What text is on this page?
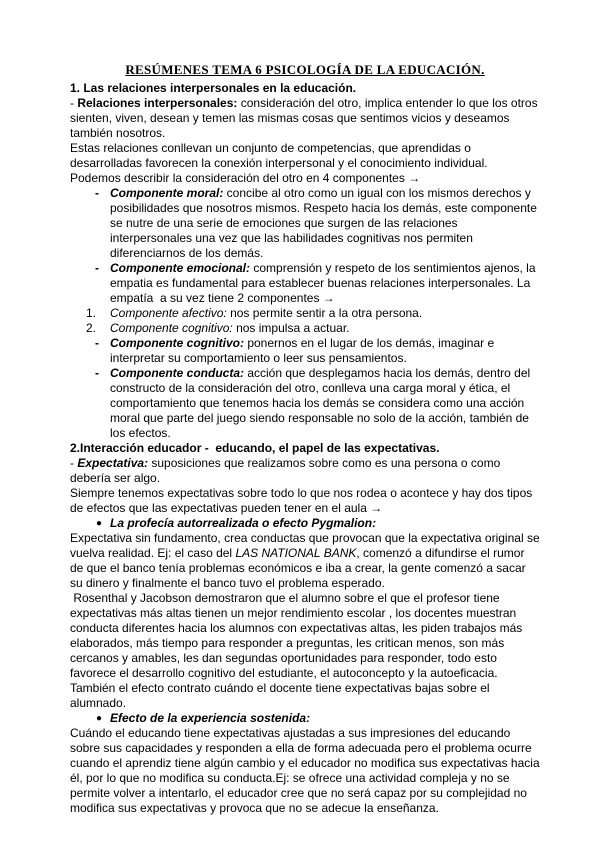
RESÚMENES TEMA 6 PSICOLOGÍA DE LA EDUCACIÓN.

1. Las relaciones interpersonales en la educación.

- Relaciones interpersonales: consideración del otro, implica entender lo que los otros sienten, viven, desean y temen las mismas cosas que sentimos vicios y deseamos también nosotros.

Estas relaciones conllevan un conjunto de competencias, que aprendidas o desarrolladas favorecen la conexión interpersonal y el conocimiento individual.

Podemos describir la consideración del otro en 4 componentes →

- Componente moral: concibe al otro como un igual con los mismos derechos y posibilidades que nosotros mismos. Respeto hacia los demás, este componente se nutre de una serie de emociones que surgen de las relaciones interpersonales una vez que las habilidades cognitivas nos permiten diferenciarnos de los demás.
- Componente emocional: comprensión y respeto de los sentimientos ajenos, la empatia es fundamental para establecer buenas relaciones interpersonales. La empatía  a su vez tiene 2 componentes →
1. Componente afectivo: nos permite sentir a la otra persona.
2. Componente cognitivo: nos impulsa a actuar.
- Componente cognitivo: ponernos en el lugar de los demás, imaginar e interpretar su comportamiento o leer sus pensamientos.
- Componente conducta: acción que desplegamos hacia los demás, dentro del constructo de la consideración del otro, conlleva una carga moral y ética, el comportamiento que tenemos hacia los demás se considera como una acción moral que parte del juego siendo responsable no solo de la acción, también de los efectos.

2.Interacción educador -  educando, el papel de las expectativas.

- Expectativa: suposiciones que realizamos sobre como es una persona o como debería ser algo.

Siempre tenemos expectativas sobre todo lo que nos rodea o acontece y hay dos tipos de efectos que las expectativas pueden tener en el aula →

● La profecía autorrealizada o efecto Pygmalion:

Expectativa sin fundamento, crea conductas que provocan que la expectativa original se vuelva realidad. Ej: el caso del LAS NATIONAL BANK, comenzó a difundirse el rumor de que el banco tenía problemas económicos e iba a crear, la gente comenzó a sacar su dinero y finalmente el banco tuvo el problema esperado.

Rosenthal y Jacobson demostraron que el alumno sobre el que el profesor tiene expectativas más altas tienen un mejor rendimiento escolar , los docentes muestran conducta diferentes hacia los alumnos con expectativas altas, les piden trabajos más elaborados, más tiempo para responder a preguntas, les critican menos, son más cercanos y amables, les dan segundas oportunidades para responder, todo esto favorece el desarrollo cognitivo del estudiante, el autoconcepto y la autoeficacia. También el efecto contrato cuándo el docente tiene expectativas bajas sobre el alumnado.

● Efecto de la experiencia sostenida:

Cuándo el educando tiene expectativas ajustadas a sus impresiones del educando sobre sus capacidades y responden a ella de forma adecuada pero el problema ocurre cuando el aprendiz tiene algún cambio y el educador no modifica sus expectativas hacia él, por lo que no modifica su conducta.Ej: se ofrece una actividad compleja y no se permite volver a intentarlo, el educador cree que no será capaz por su complejidad no modifica sus expectativas y provoca que no se adecue la enseñanza.
